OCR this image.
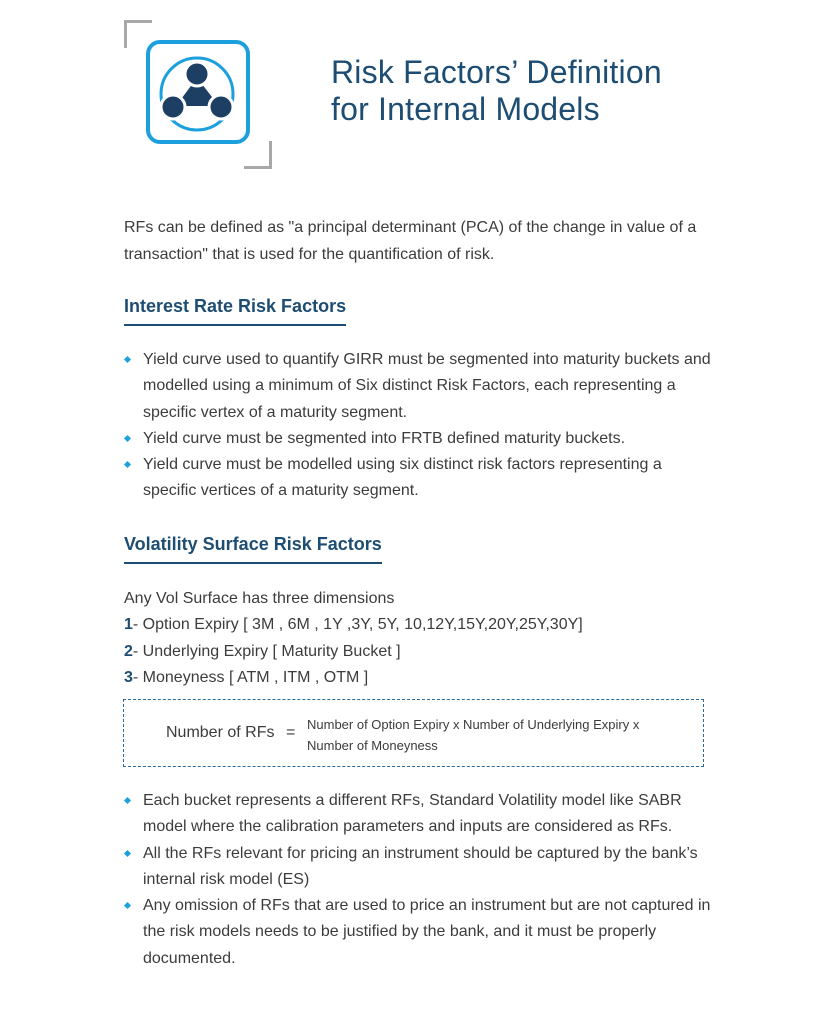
Risk Factors’ Definition
for Internal Models

RFs can be defined as "a principal determinant (PCA) of the change in value of a transaction" that is used for the quantification of risk.

Interest Rate Risk Factors
Yield curve used to quantify GIRR must be segmented into maturity buckets and modelled using a minimum of Six distinct Risk Factors, each representing a specific vertex of a maturity segment.
Yield curve must be segmented into FRTB defined maturity buckets.
Yield curve must be modelled using six distinct risk factors representing a specific vertices of a maturity segment.
Volatility Surface Risk Factors
Any Vol Surface has three dimensions
1- Option Expiry [ 3M , 6M , 1Y ,3Y, 5Y, 10,12Y,15Y,20Y,25Y,30Y]
2- Underlying Expiry [ Maturity Bucket ]
3- Moneyness [ ATM , ITM , OTM ]
Number of RFs = Number of Option Expiry x Number of Underlying Expiry x
Number of Moneyness
Each bucket represents a different RFs, Standard Volatility model like SABR model where the calibration parameters and inputs are considered as RFs.
All the RFs relevant for pricing an instrument should be captured by the bank’s internal risk model (ES)
Any omission of RFs that are used to price an instrument but are not captured in the risk models needs to be justified by the bank, and it must be properly documented.
